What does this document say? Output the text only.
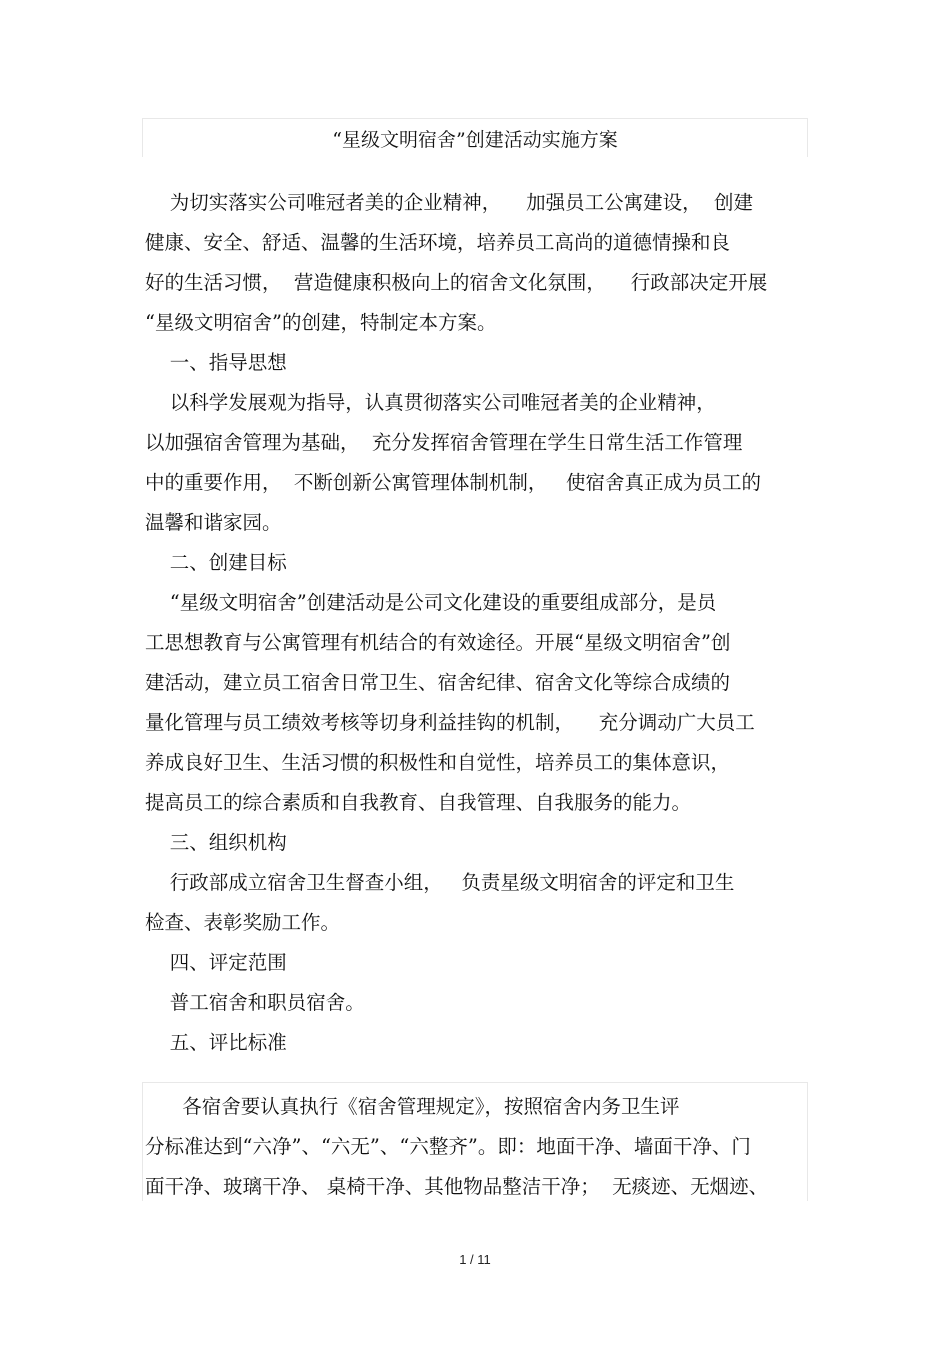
“星级文明宿舍”创建活动实施方案

为切实落实公司唯冠者美的企业精神，    加强员工公寓建设，  创建

健康、安全、舒适、温馨的生活环境，培养员工高尚的道德情操和良

好的生活习惯，  营造健康积极向上的宿舍文化氛围，    行政部决定开展

“星级文明宿舍”的创建，特制定本方案。

一、指导思想

以科学发展观为指导，认真贯彻落实公司唯冠者美的企业精神，

以加强宿舍管理为基础，  充分发挥宿舍管理在学生日常生活工作管理

中的重要作用，  不断创新公寓管理体制机制，   使宿舍真正成为员工的

温馨和谐家园。

二、创建目标

“星级文明宿舍”创建活动是公司文化建设的重要组成部分，是员

工思想教育与公寓管理有机结合的有效途径。开展“星级文明宿舍”创

建活动，建立员工宿舍日常卫生、宿舍纪律、宿舍文化等综合成绩的

量化管理与员工绩效考核等切身利益挂钩的机制，    充分调动广大员工

养成良好卫生、生活习惯的积极性和自觉性，培养员工的集体意识，

提高员工的综合素质和自我教育、自我管理、自我服务的能力。

三、组织机构

行政部成立宿舍卫生督查小组，   负责星级文明宿舍的评定和卫生

检查、表彰奖励工作。

四、评定范围

普工宿舍和职员宿舍。

五、评比标准

各宿舍要认真执行《宿舍管理规定》，按照宿舍内务卫生评

分标准达到“六净”、“六无”、“六整齐”。即：地面干净、墙面干净、门

面干净、玻璃干净、 桌椅干净、其他物品整洁干净；  无痰迹、无烟迹、

1 / 11
